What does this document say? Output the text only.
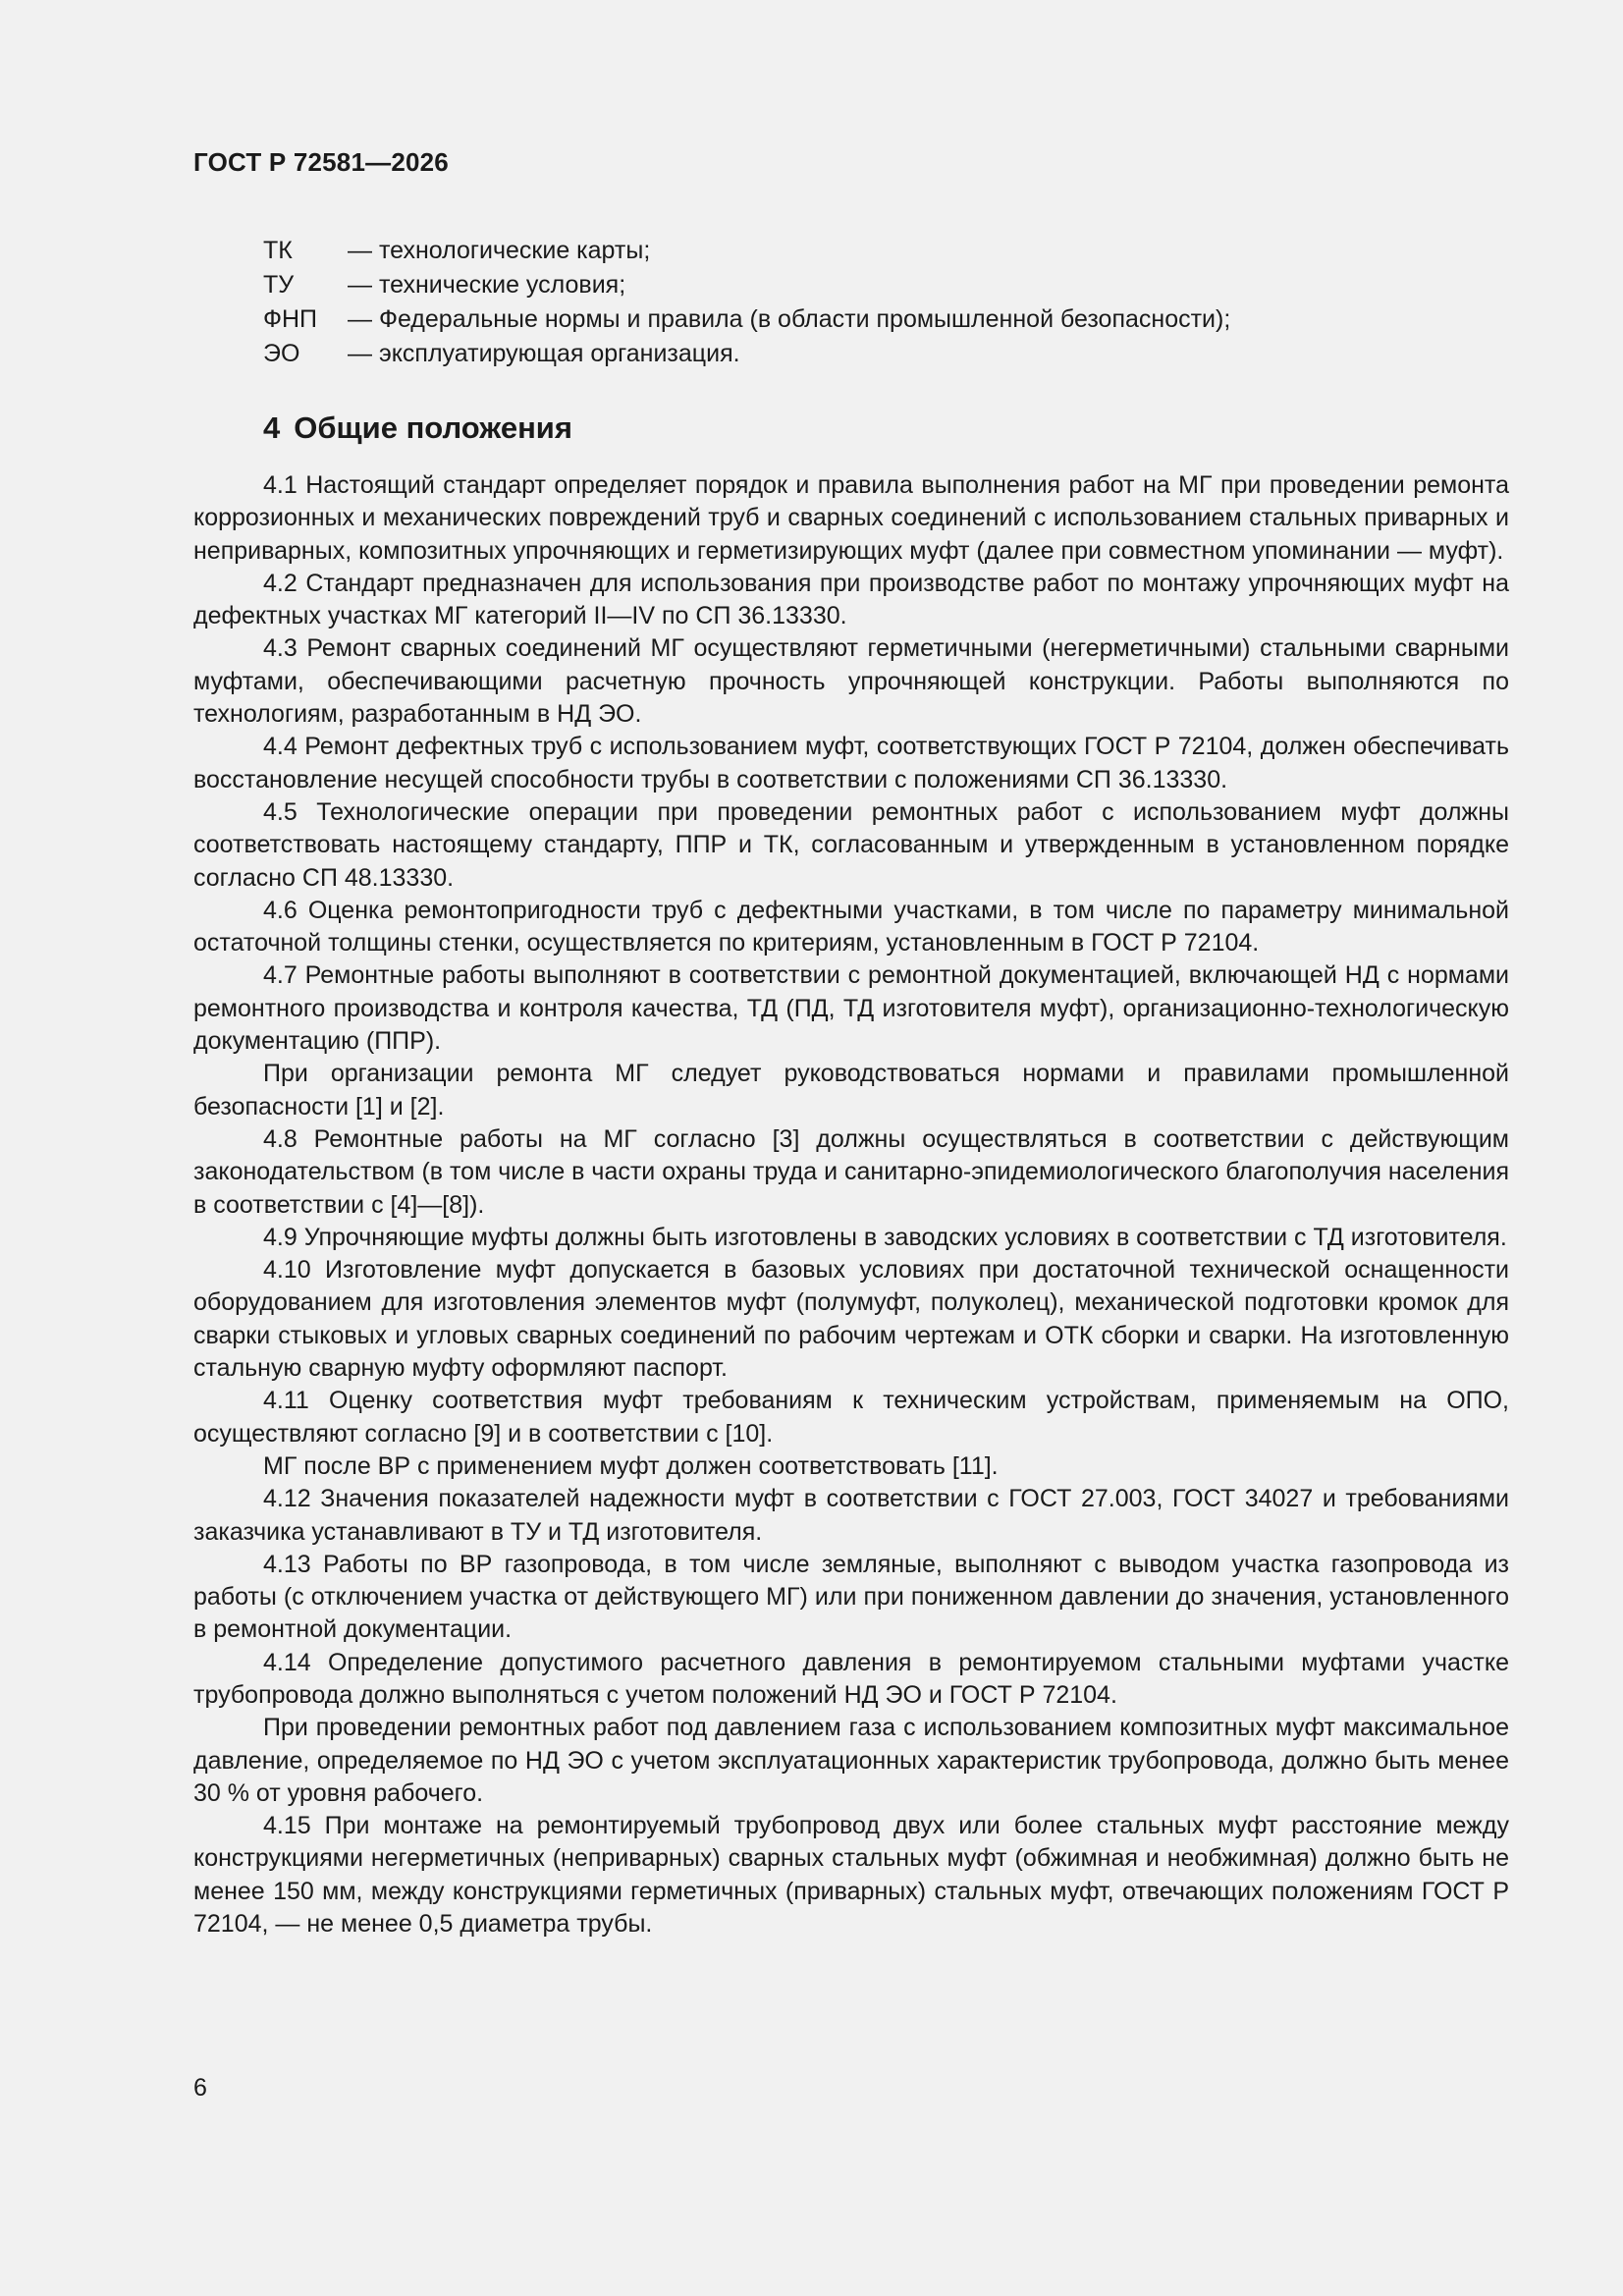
ГОСТ Р 72581—2026
ТК	— технологические карты;
ТУ	— технические условия;
ФНП	— Федеральные нормы и правила (в области промышленной безопасности);
ЭО	— эксплуатирующая организация.
4 Общие положения

4.1 Настоящий стандарт определяет порядок и правила выполнения работ на МГ при проведении ремонта коррозионных и механических повреждений труб и сварных соединений с использованием стальных приварных и неприварных, композитных упрочняющих и герметизирующих муфт (далее при совместном упоминании — муфт).

4.2 Стандарт предназначен для использования при производстве работ по монтажу упрочняющих муфт на дефектных участках МГ категорий II—IV по СП 36.13330.

4.3 Ремонт сварных соединений МГ осуществляют герметичными (негерметичными) стальными сварными муфтами, обеспечивающими расчетную прочность упрочняющей конструкции. Работы выполняются по технологиям, разработанным в НД ЭО.

4.4 Ремонт дефектных труб с использованием муфт, соответствующих ГОСТ Р 72104, должен обеспечивать восстановление несущей способности трубы в соответствии с положениями СП 36.13330.

4.5 Технологические операции при проведении ремонтных работ с использованием муфт должны соответствовать настоящему стандарту, ППР и ТК, согласованным и утвержденным в установленном порядке согласно СП 48.13330.

4.6 Оценка ремонтопригодности труб с дефектными участками, в том числе по параметру минимальной остаточной толщины стенки, осуществляется по критериям, установленным в ГОСТ Р 72104.

4.7 Ремонтные работы выполняют в соответствии с ремонтной документацией, включающей НД с нормами ремонтного производства и контроля качества, ТД (ПД, ТД изготовителя муфт), организационно-технологическую документацию (ППР).

При организации ремонта МГ следует руководствоваться нормами и правилами промышленной безопасности [1] и [2].

4.8 Ремонтные работы на МГ согласно [3] должны осуществляться в соответствии с действующим законодательством (в том числе в части охраны труда и санитарно-эпидемиологического благополучия населения в соответствии с [4]—[8]).

4.9 Упрочняющие муфты должны быть изготовлены в заводских условиях в соответствии с ТД изготовителя.

4.10 Изготовление муфт допускается в базовых условиях при достаточной технической оснащенности оборудованием для изготовления элементов муфт (полумуфт, полуколец), механической подготовки кромок для сварки стыковых и угловых сварных соединений по рабочим чертежам и ОТК сборки и сварки. На изготовленную стальную сварную муфту оформляют паспорт.

4.11 Оценку соответствия муфт требованиям к техническим устройствам, применяемым на ОПО, осуществляют согласно [9] и в соответствии с [10].

МГ после ВР с применением муфт должен соответствовать [11].

4.12 Значения показателей надежности муфт в соответствии с ГОСТ 27.003, ГОСТ 34027 и требованиями заказчика устанавливают в ТУ и ТД изготовителя.

4.13 Работы по ВР газопровода, в том числе земляные, выполняют с выводом участка газопровода из работы (с отключением участка от действующего МГ) или при пониженном давлении до значения, установленного в ремонтной документации.

4.14 Определение допустимого расчетного давления в ремонтируемом стальными муфтами участке трубопровода должно выполняться с учетом положений НД ЭО и ГОСТ Р 72104.

При проведении ремонтных работ под давлением газа с использованием композитных муфт максимальное давление, определяемое по НД ЭО с учетом эксплуатационных характеристик трубопровода, должно быть менее 30 % от уровня рабочего.

4.15 При монтаже на ремонтируемый трубопровод двух или более стальных муфт расстояние между конструкциями негерметичных (неприварных) сварных стальных муфт (обжимная и необжимная) должно быть не менее 150 мм, между конструкциями герметичных (приварных) стальных муфт, отвечающих положениям ГОСТ Р 72104, — не менее 0,5 диаметра трубы.

6
